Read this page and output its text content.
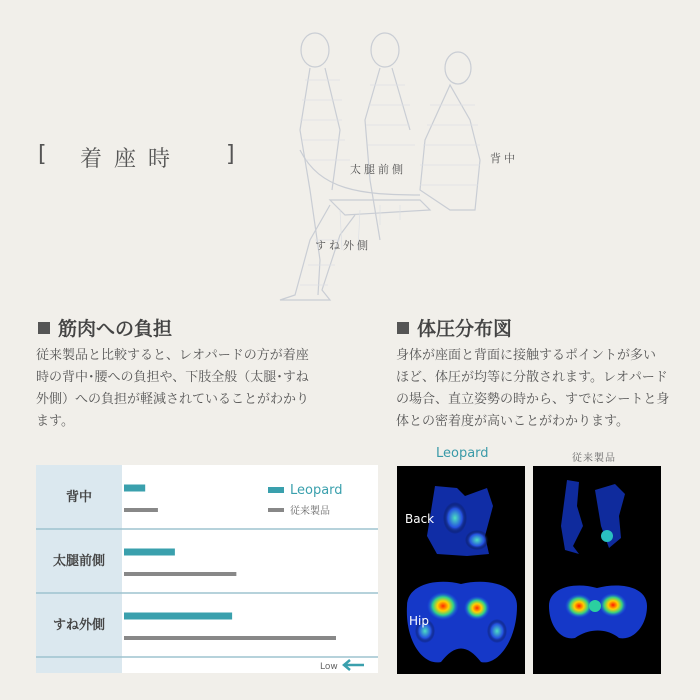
[ 着座時 ]
太腿前側
背中
すね外側
筋肉への負担
従来製品と比較すると、レオパードの方が着座
時の背中･腰への負担や、下肢全般（太腿･すね
外側）への負担が軽減されていることがわかり
ます。
体圧分布図
身体が座面と背面に接触するポイントが多い
ほど、体圧が均等に分散されます。レオパード
の場合、直立姿勢の時から、すでにシートと身
体との密着度が高いことがわかります。
背中
太腿前側
すね外側
Leopard
従来製品
Low
Leopard	従来製品
Back
Hip
